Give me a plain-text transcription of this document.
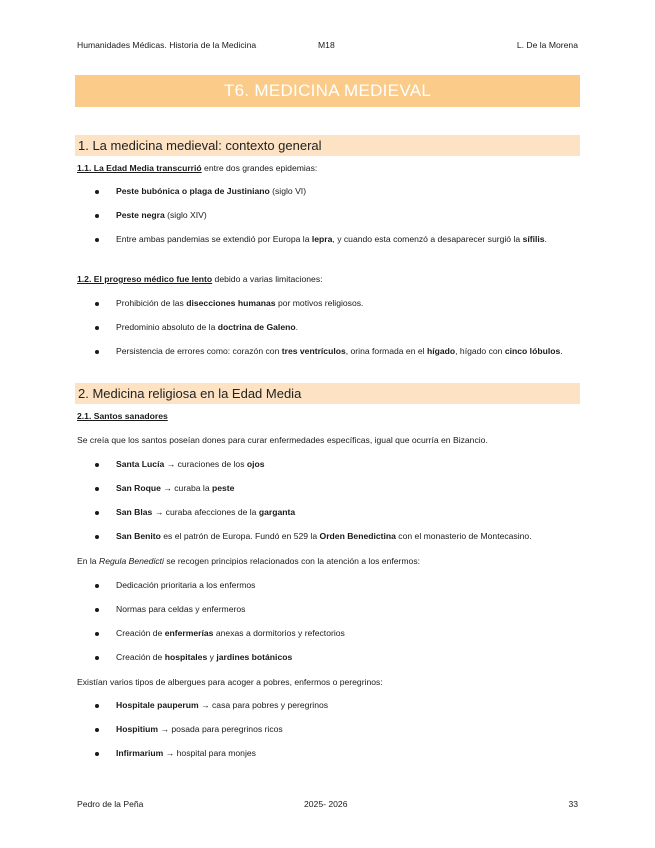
Humanidades Médicas. Historia de la Medicina	M18	L. De la Morena
T6. MEDICINA MEDIEVAL
1. La medicina medieval: contexto general
1.1. La Edad Media transcurrió entre dos grandes epidemias:
Peste bubónica o plaga de Justiniano (siglo VI)
Peste negra (siglo XIV)
Entre ambas pandemias se extendió por Europa la lepra, y cuando esta comenzó a desaparecer surgió la sífilis.
1.2. El progreso médico fue lento debido a varias limitaciones:
Prohibición de las disecciones humanas por motivos religiosos.
Predominio absoluto de la doctrina de Galeno.
Persistencia de errores como: corazón con tres ventrículos, orina formada en el hígado, hígado con cinco lóbulos.
2. Medicina religiosa en la Edad Media
2.1. Santos sanadores
Se creía que los santos poseían dones para curar enfermedades específicas, igual que ocurría en Bizancio.
Santa Lucía → curaciones de los ojos
San Roque → curaba la peste
San Blas → curaba afecciones de la garganta
San Benito es el patrón de Europa. Fundó en 529 la Orden Benedictina con el monasterio de Montecasino.
En la Regula Benedicti se recogen principios relacionados con la atención a los enfermos:
Dedicación prioritaria a los enfermos
Normas para celdas y enfermeros
Creación de enfermerías anexas a dormitorios y refectorios
Creación de hospitales y jardines botánicos
Existían varios tipos de albergues para acoger a pobres, enfermos o peregrinos:
Hospitale pauperum → casa para pobres y peregrinos
Hospitium → posada para peregrinos ricos
Infirmarium → hospital para monjes
Pedro de la Peña	2025- 2026	33
